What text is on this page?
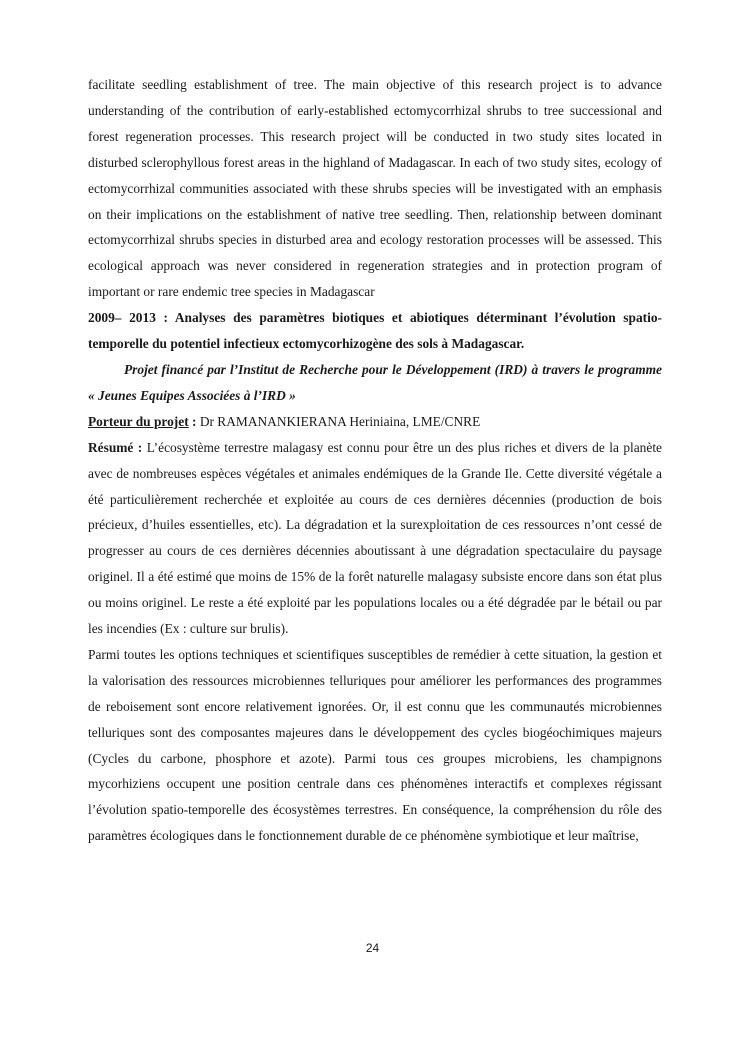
facilitate seedling establishment of tree. The main objective of this research project is to advance understanding of the contribution of early-established ectomycorrhizal shrubs to tree successional and forest regeneration processes. This research project will be conducted in two study sites located in disturbed sclerophyllous forest areas in the highland of Madagascar. In each of two study sites, ecology of ectomycorrhizal communities associated with these shrubs species will be investigated with an emphasis on their implications on the establishment of native tree seedling. Then, relationship between dominant ectomycorrhizal shrubs species in disturbed area and ecology restoration processes will be assessed. This ecological approach was never considered in regeneration strategies and in protection program of important or rare endemic tree species in Madagascar

2009– 2013 : Analyses des paramètres biotiques et abiotiques déterminant l’évolution spatio-temporelle du potentiel infectieux ectomycorhizogène des sols à Madagascar.

Projet financé par l’Institut de Recherche pour le Développement (IRD) à travers le programme « Jeunes Equipes Associées à l’IRD »

Porteur du projet : Dr RAMANANKIERANA Heriniaina, LME/CNRE

Résumé : L’écosystème terrestre malagasy est connu pour être un des plus riches et divers de la planète avec de nombreuses espèces végétales et animales endémiques de la Grande Ile. Cette diversité végétale a été particulièrement recherchée et exploitée au cours de ces dernières décennies (production de bois précieux, d’huiles essentielles, etc). La dégradation et la surexploitation de ces ressources n’ont cessé de progresser au cours de ces dernières décennies aboutissant à une dégradation spectaculaire du paysage originel. Il a été estimé que moins de 15% de la forêt naturelle malagasy subsiste encore dans son état plus ou moins originel. Le reste a été exploité par les populations locales ou a été dégradée par le bétail ou par les incendies (Ex : culture sur brulis).

Parmi toutes les options techniques et scientifiques susceptibles de remédier à cette situation, la gestion et la valorisation des ressources microbiennes telluriques pour améliorer les performances des programmes de reboisement sont encore relativement ignorées. Or, il est connu que les communautés microbiennes telluriques sont des composantes majeures dans le développement des cycles biogéochimiques majeurs (Cycles du carbone, phosphore et azote). Parmi tous ces groupes microbiens, les champignons mycorhiziens occupent une position centrale dans ces phénomènes interactifs et complexes régissant l’évolution spatio-temporelle des écosystèmes terrestres. En conséquence, la compréhension du rôle des paramètres écologiques dans le fonctionnement durable de ce phénomène symbiotique et leur maîtrise,

24
